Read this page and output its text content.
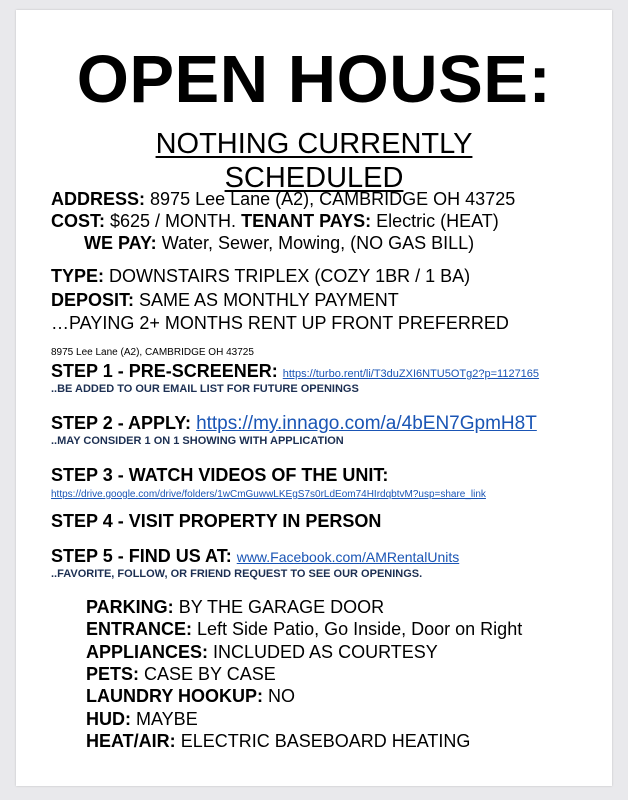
OPEN HOUSE:
NOTHING CURRENTLY
SCHEDULED
ADDRESS: 8975 Lee Lane (A2), CAMBRIDGE OH 43725
COST: $625 / MONTH. TENANT PAYS: Electric (HEAT)
WE PAY: Water, Sewer, Mowing, (NO GAS BILL)
TYPE: DOWNSTAIRS TRIPLEX (COZY 1BR / 1 BA)
DEPOSIT: SAME AS MONTHLY PAYMENT
…PAYING 2+ MONTHS RENT UP FRONT PREFERRED
8975 Lee Lane (A2), CAMBRIDGE OH 43725
STEP 1 - PRE-SCREENER: https://turbo.rent/li/T3duZXI6NTU5OTg2?p=1127165
..BE ADDED TO OUR EMAIL LIST FOR FUTURE OPENINGS
STEP 2 - APPLY: https://my.innago.com/a/4bEN7GpmH8T
..MAY CONSIDER 1 ON 1 SHOWING WITH APPLICATION
STEP 3 - WATCH VIDEOS OF THE UNIT:
https://drive.google.com/drive/folders/1wCmGuwwLKEgS7s0rLdEom74HIrdqbtvM?usp=share_link
STEP 4 - VISIT PROPERTY IN PERSON
STEP 5 - FIND US AT: www.Facebook.com/AMRentalUnits
..FAVORITE, FOLLOW, OR FRIEND REQUEST TO SEE OUR OPENINGS.
PARKING: BY THE GARAGE DOOR
ENTRANCE: Left Side Patio, Go Inside, Door on Right
APPLIANCES: INCLUDED AS COURTESY
PETS: CASE BY CASE
LAUNDRY HOOKUP: NO
HUD: MAYBE
HEAT/AIR: ELECTRIC BASEBOARD HEATING
